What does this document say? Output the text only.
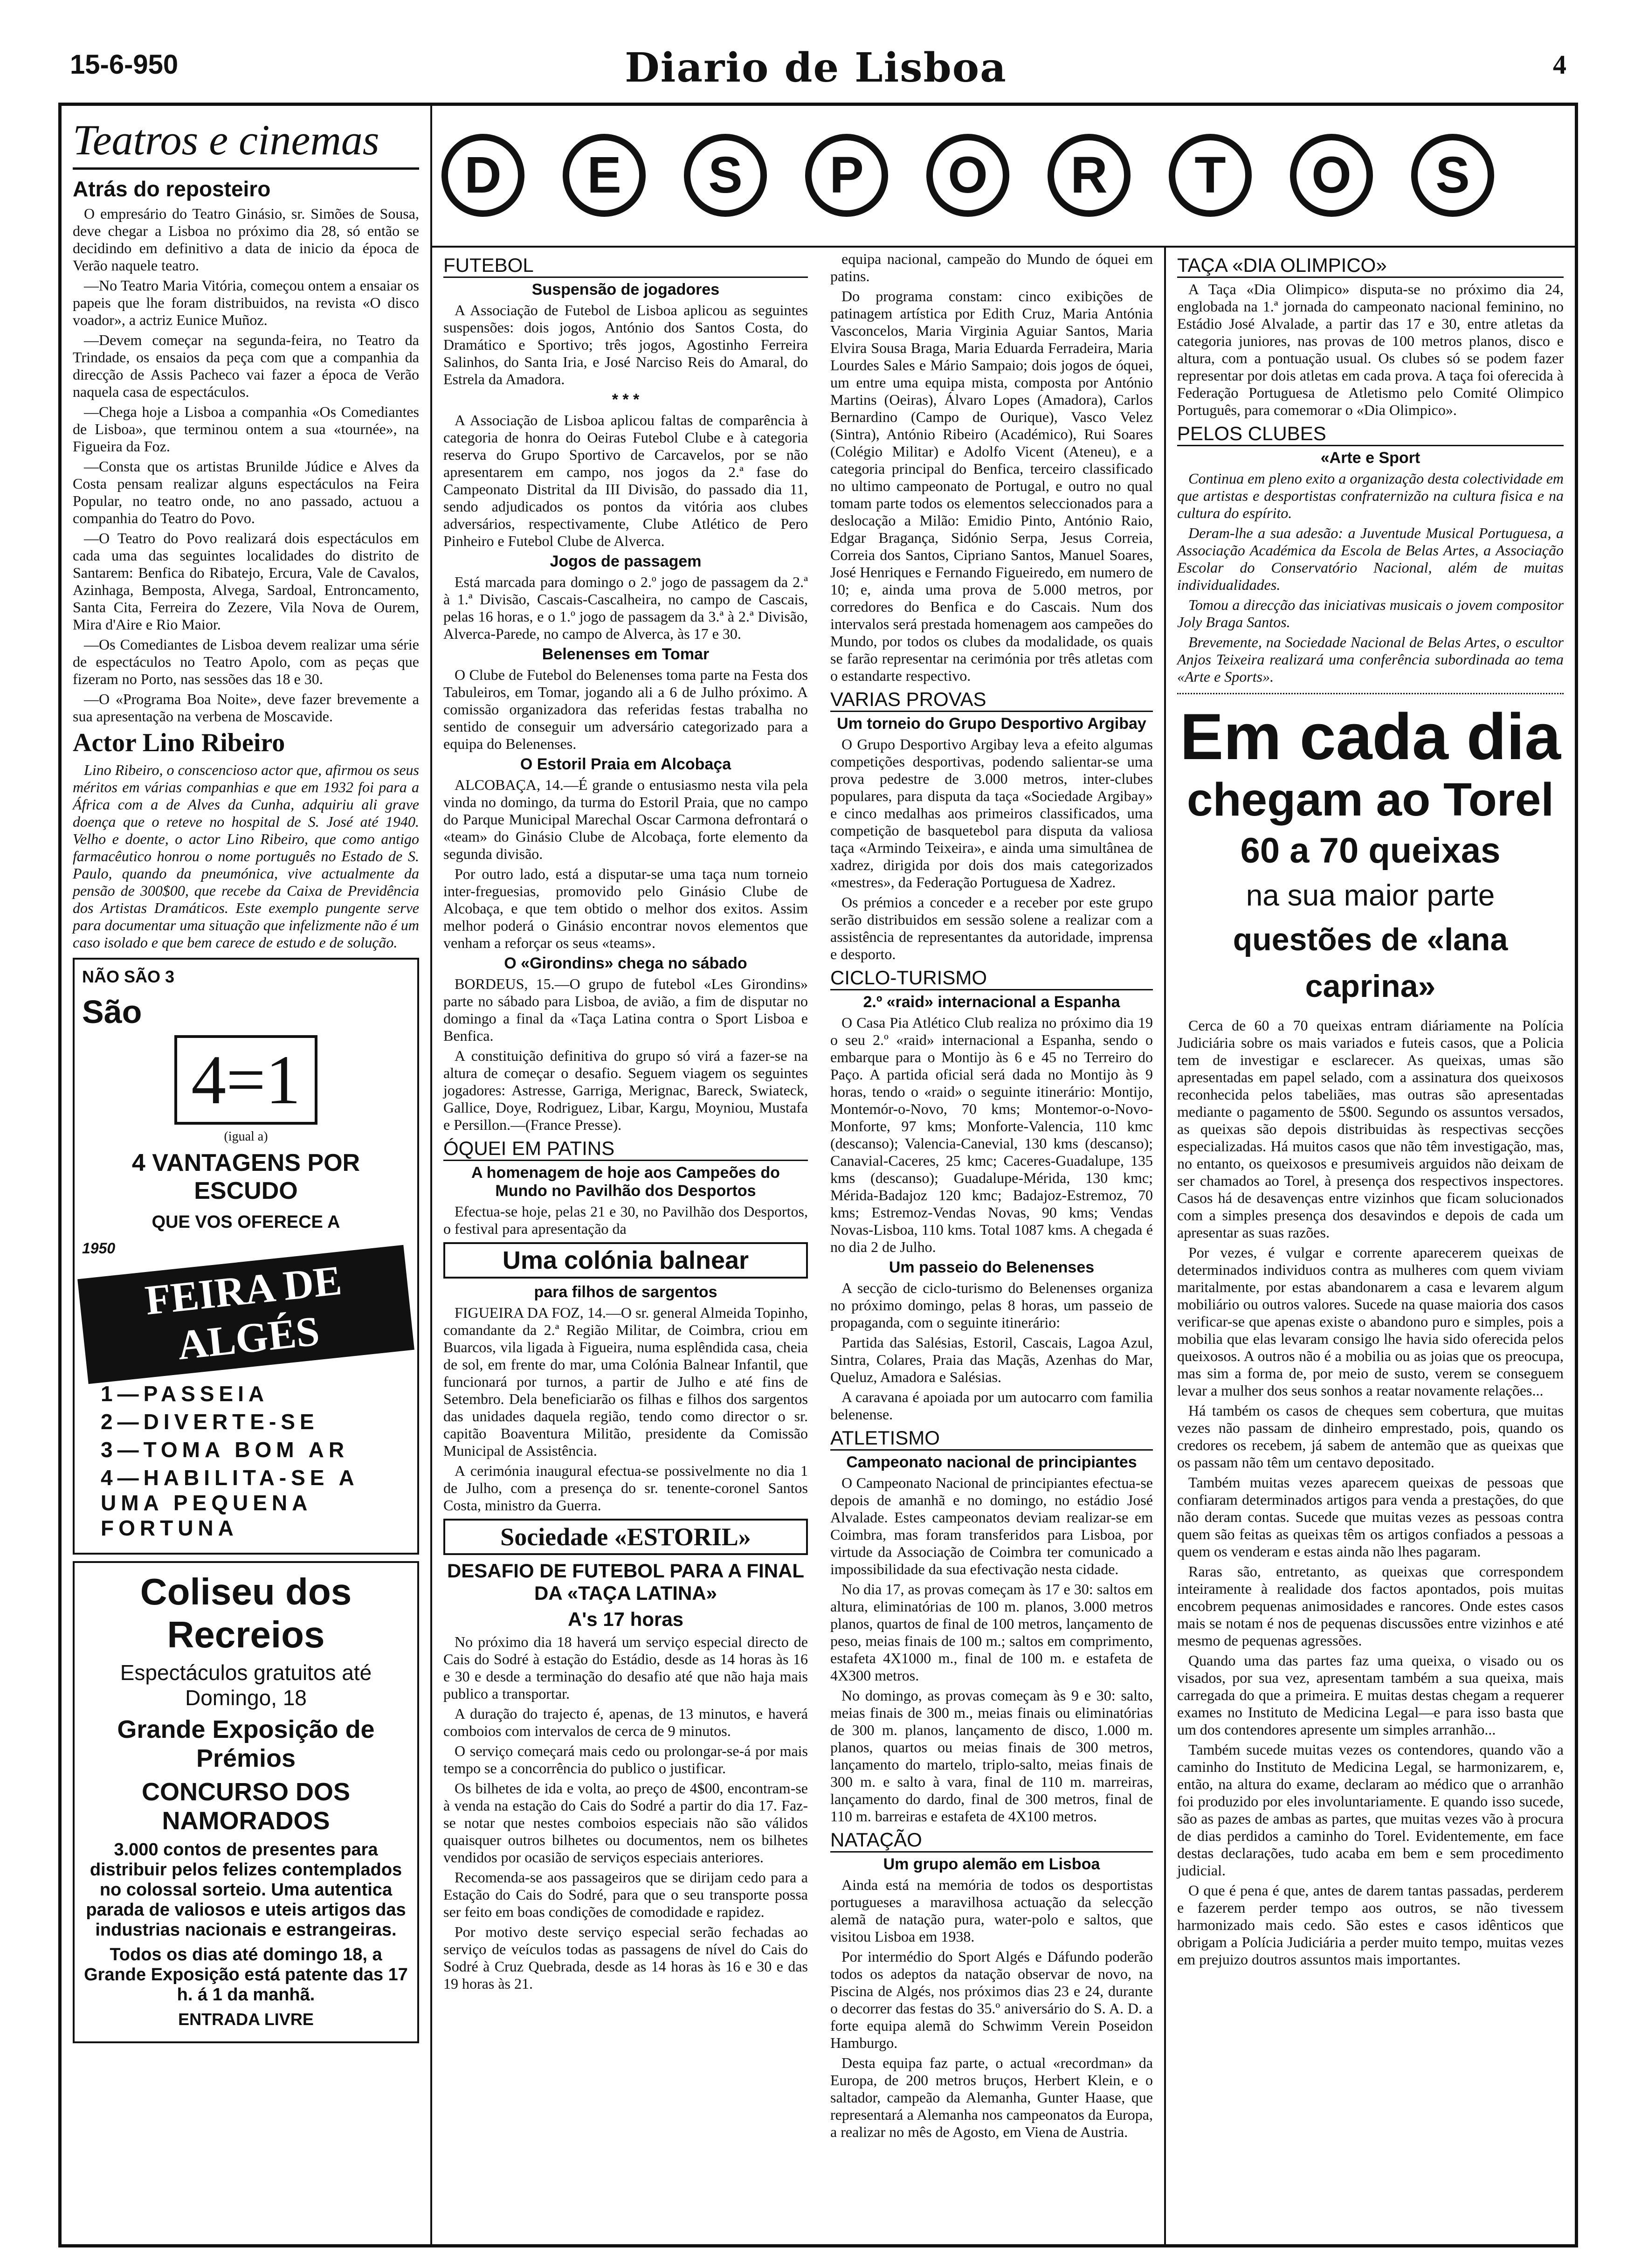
15-6-950	Diario de Lisboa	4
Teatros e cinemas
Atrás do reposteiro

O empresário do Teatro Ginásio, sr. Simões de Sousa, deve chegar a Lisboa no próximo dia 28, só então se decidindo em definitivo a data de inicio da época de Verão naquele teatro.

—No Teatro Maria Vitória, começou ontem a ensaiar os papeis que lhe foram distribuidos, na revista «O disco voador», a actriz Eunice Muñoz.

—Devem começar na segunda-feira, no Teatro da Trindade, os ensaios da peça com que a companhia da direcção de Assis Pacheco vai fazer a época de Verão naquela casa de espectáculos.

—Chega hoje a Lisboa a companhia «Os Comediantes de Lisboa», que terminou ontem a sua «tournée», na Figueira da Foz.

—Consta que os artistas Brunilde Júdice e Alves da Costa pensam realizar alguns espectáculos na Feira Popular, no teatro onde, no ano passado, actuou a companhia do Teatro do Povo.

—O Teatro do Povo realizará dois espectáculos em cada uma das seguintes localidades do distrito de Santarem: Benfica do Ribatejo, Ercura, Vale de Cavalos, Azinhaga, Bemposta, Alvega, Sardoal, Entroncamento, Santa Cita, Ferreira do Zezere, Vila Nova de Ourem, Mira d'Aire e Rio Maior.

—Os Comediantes de Lisboa devem realizar uma série de espectáculos no Teatro Apolo, com as peças que fizeram no Porto, nas sessões das 18 e 30.

—O «Programa Boa Noite», deve fazer brevemente a sua apresentação na verbena de Moscavide.

Actor Lino Ribeiro

Lino Ribeiro, o conscencioso actor que, afirmou os seus méritos em várias companhias e que em 1932 foi para a África com a de Alves da Cunha, adquiriu ali grave doença que o reteve no hospital de S. José até 1940. Velho e doente, o actor Lino Ribeiro, que como antigo farmacêutico honrou o nome português no Estado de S. Paulo, quando da pneumónica, vive actualmente da pensão de 300$00, que recebe da Caixa de Previdência dos Artistas Dramáticos. Este exemplo pungente serve para documentar uma situação que infelizmente não é um caso isolado e que bem carece de estudo e de solução.

NÃO SÃO 3
São
4=1
(igual a)
4 VANTAGENS POR ESCUDO
QUE VOS OFERECE A
1950
FEIRA DE ALGÉS
1—PASSEIA
2—DIVERTE-SE
3—TOMA BOM AR
4—HABILITA-SE A UMA PEQUENA FORTUNA
Coliseu dos Recreios
Espectáculos gratuitos até Domingo, 18
Grande Exposição de Prémios
CONCURSO DOS NAMORADOS
3.000 contos de presentes para distribuir pelos felizes contemplados no colossal sorteio. Uma autentica parada de valiosos e uteis artigos das industrias nacionais e estrangeiras.
Todos os dias até domingo 18, a Grande Exposição está patente das 17 h. á 1 da manhã.
ENTRADA LIVRE
D	E	S	P	O	R	T	O	S
FUTEBOL
Suspensão de jogadores

A Associação de Futebol de Lisboa aplicou as seguintes suspensões: dois jogos, António dos Santos Costa, do Dramático e Sportivo; três jogos, Agostinho Ferreira Salinhos, do Santa Iria, e José Narciso Reis do Amaral, do Estrela da Amadora.

* * *

A Associação de Lisboa aplicou faltas de comparência à categoria de honra do Oeiras Futebol Clube e à categoria reserva do Grupo Sportivo de Carcavelos, por se não apresentarem em campo, nos jogos da 2.ª fase do Campeonato Distrital da III Divisão, do passado dia 11, sendo adjudicados os pontos da vitória aos clubes adversários, respectivamente, Clube Atlético de Pero Pinheiro e Futebol Clube de Alverca.

Jogos de passagem

Está marcada para domingo o 2.º jogo de passagem da 2.ª à 1.ª Divisão, Cascais-Cascalheira, no campo de Cascais, pelas 16 horas, e o 1.º jogo de passagem da 3.ª à 2.ª Divisão, Alverca-Parede, no campo de Alverca, às 17 e 30.

Belenenses em Tomar

O Clube de Futebol do Belenenses toma parte na Festa dos Tabuleiros, em Tomar, jogando ali a 6 de Julho próximo. A comissão organizadora das referidas festas trabalha no sentido de conseguir um adversário categorizado para a equipa do Belenenses.

O Estoril Praia em Alcobaça

ALCOBAÇA, 14.—É grande o entusiasmo nesta vila pela vinda no domingo, da turma do Estoril Praia, que no campo do Parque Municipal Marechal Oscar Carmona defrontará o «team» do Ginásio Clube de Alcobaça, forte elemento da segunda divisão.

Por outro lado, está a disputar-se uma taça num torneio inter-freguesias, promovido pelo Ginásio Clube de Alcobaça, e que tem obtido o melhor dos exitos. Assim melhor poderá o Ginásio encontrar novos elementos que venham a reforçar os seus «teams».

O «Girondins» chega no sábado

BORDEUS, 15.—O grupo de futebol «Les Girondins» parte no sábado para Lisboa, de avião, a fim de disputar no domingo a final da «Taça Latina contra o Sport Lisboa e Benfica.

A constituição definitiva do grupo só virá a fazer-se na altura de começar o desafio. Seguem viagem os seguintes jogadores: Astresse, Garriga, Merignac, Bareck, Swiateck, Gallice, Doye, Rodriguez, Libar, Kargu, Moyniou, Mustafa e Persillon.—(France Presse).

ÓQUEI EM PATINS
A homenagem de hoje aos Campeões do Mundo no Pavilhão dos Desportos

Efectua-se hoje, pelas 21 e 30, no Pavilhão dos Desportos, o festival para apresentação da

Uma colónia balnear
para filhos de sargentos

FIGUEIRA DA FOZ, 14.—O sr. general Almeida Topinho, comandante da 2.ª Região Militar, de Coimbra, criou em Buarcos, vila ligada à Figueira, numa esplêndida casa, cheia de sol, em frente do mar, uma Colónia Balnear Infantil, que funcionará por turnos, a partir de Julho e até fins de Setembro. Dela beneficiarão os filhas e filhos dos sargentos das unidades daquela região, tendo como director o sr. capitão Boaventura Militão, presidente da Comissão Municipal de Assistência.

A cerimónia inaugural efectua-se possivelmente no dia 1 de Julho, com a presença do sr. tenente-coronel Santos Costa, ministro da Guerra.

Sociedade «ESTORIL»
DESAFIO DE FUTEBOL PARA A FINAL DA «TAÇA LATINA»
A's 17 horas

No próximo dia 18 haverá um serviço especial directo de Cais do Sodré à estação do Estádio, desde as 14 horas às 16 e 30 e desde a terminação do desafio até que não haja mais publico a transportar.

A duração do trajecto é, apenas, de 13 minutos, e haverá comboios com intervalos de cerca de 9 minutos.

O serviço começará mais cedo ou prolongar-se-á por mais tempo se a concorrência do publico o justificar.

Os bilhetes de ida e volta, ao preço de 4$00, encontram-se à venda na estação do Cais do Sodré a partir do dia 17. Faz-se notar que nestes comboios especiais não são válidos quaisquer outros bilhetes ou documentos, nem os bilhetes vendidos por ocasião de serviços especiais anteriores.

Recomenda-se aos passageiros que se dirijam cedo para a Estação do Cais do Sodré, para que o seu transporte possa ser feito em boas condições de comodidade e rapidez.

Por motivo deste serviço especial serão fechadas ao serviço de veículos todas as passagens de nível do Cais do Sodré à Cruz Quebrada, desde as 14 horas às 16 e 30 e das 19 horas às 21.

equipa nacional, campeão do Mundo de óquei em patins.

Do programa constam: cinco exibições de patinagem artística por Edith Cruz, Maria Antónia Vasconcelos, Maria Virginia Aguiar Santos, Maria Elvira Sousa Braga, Maria Eduarda Ferradeira, Maria Lourdes Sales e Mário Sampaio; dois jogos de óquei, um entre uma equipa mista, composta por António Martins (Oeiras), Álvaro Lopes (Amadora), Carlos Bernardino (Campo de Ourique), Vasco Velez (Sintra), António Ribeiro (Académico), Rui Soares (Colégio Militar) e Adolfo Vicent (Ateneu), e a categoria principal do Benfica, terceiro classificado no ultimo campeonato de Portugal, e outro no qual tomam parte todos os elementos seleccionados para a deslocação a Milão: Emidio Pinto, António Raio, Edgar Bragança, Sidónio Serpa, Jesus Correia, Correia dos Santos, Cipriano Santos, Manuel Soares, José Henriques e Fernando Figueiredo, em numero de 10; e, ainda uma prova de 5.000 metros, por corredores do Benfica e do Cascais. Num dos intervalos será prestada homenagem aos campeões do Mundo, por todos os clubes da modalidade, os quais se farão representar na cerimónia por três atletas com o estandarte respectivo.

VARIAS PROVAS
Um torneio do Grupo Desportivo Argibay

O Grupo Desportivo Argibay leva a efeito algumas competições desportivas, podendo salientar-se uma prova pedestre de 3.000 metros, inter-clubes populares, para disputa da taça «Sociedade Argibay» e cinco medalhas aos primeiros classificados, uma competição de basquetebol para disputa da valiosa taça «Armindo Teixeira», e ainda uma simultânea de xadrez, dirigida por dois dos mais categorizados «mestres», da Federação Portuguesa de Xadrez.

Os prémios a conceder e a receber por este grupo serão distribuidos em sessão solene a realizar com a assistência de representantes da autoridade, imprensa e desporto.

CICLO-TURISMO
2.º «raid» internacional a Espanha

O Casa Pia Atlético Club realiza no próximo dia 19 o seu 2.º «raid» internacional a Espanha, sendo o embarque para o Montijo às 6 e 45 no Terreiro do Paço. A partida oficial será dada no Montijo às 9 horas, tendo o «raid» o seguinte itinerário: Montijo, Montemór-o-Novo, 70 kms; Montemor-o-Novo-Monforte, 97 kms; Monforte-Valencia, 110 kmc (descanso); Valencia-Canevial, 130 kms (descanso); Canavial-Caceres, 25 kmc; Caceres-Guadalupe, 135 kms (descanso); Guadalupe-Mérida, 130 kmc; Mérida-Badajoz 120 kmc; Badajoz-Estremoz, 70 kms; Estremoz-Vendas Novas, 90 kms; Vendas Novas-Lisboa, 110 kms. Total 1087 kms. A chegada é no dia 2 de Julho.

Um passeio do Belenenses

A secção de ciclo-turismo do Belenenses organiza no próximo domingo, pelas 8 horas, um passeio de propaganda, com o seguinte itinerário:

Partida das Salésias, Estoril, Cascais, Lagoa Azul, Sintra, Colares, Praia das Maçãs, Azenhas do Mar, Queluz, Amadora e Salésias.

A caravana é apoiada por um autocarro com familia belenense.

ATLETISMO
Campeonato nacional de principiantes

O Campeonato Nacional de principiantes efectua-se depois de amanhã e no domingo, no estádio José Alvalade. Estes campeonatos deviam realizar-se em Coimbra, mas foram transferidos para Lisboa, por virtude da Associação de Coimbra ter comunicado a impossibilidade da sua efectivação nesta cidade.

No dia 17, as provas começam às 17 e 30: saltos em altura, eliminatórias de 100 m. planos, 3.000 metros planos, quartos de final de 100 metros, lançamento de peso, meias finais de 100 m.; saltos em comprimento, estafeta 4X1000 m., final de 100 m. e estafeta de 4X300 metros.

No domingo, as provas começam às 9 e 30: salto, meias finais de 300 m., meias finais ou eliminatórias de 300 m. planos, lançamento de disco, 1.000 m. planos, quartos ou meias finais de 300 metros, lançamento do martelo, triplo-salto, meias finais de 300 m. e salto à vara, final de 110 m. marreiras, lançamento do dardo, final de 300 metros, final de 110 m. barreiras e estafeta de 4X100 metros.

NATAÇÃO
Um grupo alemão em Lisboa

Ainda está na memória de todos os desportistas portugueses a maravilhosa actuação da selecção alemã de natação pura, water-polo e saltos, que visitou Lisboa em 1938.

Por intermédio do Sport Algés e Dáfundo poderão todos os adeptos da natação observar de novo, na Piscina de Algés, nos próximos dias 23 e 24, durante o decorrer das festas do 35.º aniversário do S. A. D. a forte equipa alemã do Schwimm Verein Poseidon Hamburgo.

Desta equipa faz parte, o actual «recordman» da Europa, de 200 metros bruços, Herbert Klein, e o saltador, campeão da Alemanha, Gunter Haase, que representará a Alemanha nos campeonatos da Europa, a realizar no mês de Agosto, em Viena de Austria.

TAÇA «DIA OLIMPICO»

A Taça «Dia Olimpico» disputa-se no próximo dia 24, englobada na 1.ª jornada do campeonato nacional feminino, no Estádio José Alvalade, a partir das 17 e 30, entre atletas da categoria juniores, nas provas de 100 metros planos, disco e altura, com a pontuação usual. Os clubes só se podem fazer representar por dois atletas em cada prova. A taça foi oferecida à Federação Portuguesa de Atletismo pelo Comité Olimpico Português, para comemorar o «Dia Olimpico».

PELOS CLUBES
«Arte e Sport

Continua em pleno exito a organização desta colectividade em que artistas e desportistas confraternizão na cultura fisica e na cultura do espírito.

Deram-lhe a sua adesão: a Juventude Musical Portuguesa, a Associação Académica da Escola de Belas Artes, a Associação Escolar do Conservatório Nacional, além de muitas individualidades.

Tomou a direcção das iniciativas musicais o jovem compositor Joly Braga Santos.

Brevemente, na Sociedade Nacional de Belas Artes, o escultor Anjos Teixeira realizará uma conferência subordinada ao tema «Arte e Sports».

Em cada dia
chegam ao Torel
60 a 70 queixas
na sua maior parte
questões de «lana caprina»

Cerca de 60 a 70 queixas entram diáriamente na Polícia Judiciária sobre os mais variados e futeis casos, que a Policia tem de investigar e esclarecer. As queixas, umas são apresentadas em papel selado, com a assinatura dos queixosos reconhecida pelos tabeliães, mas outras são apresentadas mediante o pagamento de 5$00. Segundo os assuntos versados, as queixas são depois distribuidas às respectivas secções especializadas. Há muitos casos que não têm investigação, mas, no entanto, os queixosos e presumiveis arguidos não deixam de ser chamados ao Torel, à presença dos respectivos inspectores. Casos há de desavenças entre vizinhos que ficam solucionados com a simples presença dos desavindos e depois de cada um apresentar as suas razões.

Por vezes, é vulgar e corrente aparecerem queixas de determinados individuos contra as mulheres com quem viviam maritalmente, por estas abandonarem a casa e levarem algum mobiliário ou outros valores. Sucede na quase maioria dos casos verificar-se que apenas existe o abandono puro e simples, pois a mobilia que elas levaram consigo lhe havia sido oferecida pelos queixosos. A outros não é a mobilia ou as joias que os preocupa, mas sim a forma de, por meio de susto, verem se conseguem levar a mulher dos seus sonhos a reatar novamente relações...

Há também os casos de cheques sem cobertura, que muitas vezes não passam de dinheiro emprestado, pois, quando os credores os recebem, já sabem de antemão que as queixas que os passam não têm um centavo depositado.

Também muitas vezes aparecem queixas de pessoas que confiaram determinados artigos para venda a prestações, do que não deram contas. Sucede que muitas vezes as pessoas contra quem são feitas as queixas têm os artigos confiados a pessoas a quem os venderam e estas ainda não lhes pagaram.

Raras são, entretanto, as queixas que correspondem inteiramente à realidade dos factos apontados, pois muitas encobrem pequenas animosidades e rancores. Onde estes casos mais se notam é nos de pequenas discussões entre vizinhos e até mesmo de pequenas agressões.

Quando uma das partes faz uma queixa, o visado ou os visados, por sua vez, apresentam também a sua queixa, mais carregada do que a primeira. E muitas destas chegam a requerer exames no Instituto de Medicina Legal—e para isso basta que um dos contendores apresente um simples arranhão...

Também sucede muitas vezes os contendores, quando vão a caminho do Instituto de Medicina Legal, se harmonizarem, e, então, na altura do exame, declaram ao médico que o arranhão foi produzido por eles involuntariamente. E quando isso sucede, são as pazes de ambas as partes, que muitas vezes vão à procura de dias perdidos a caminho do Torel. Evidentemente, em face destas declarações, tudo acaba em bem e sem procedimento judicial.

O que é pena é que, antes de darem tantas passadas, perderem e fazerem perder tempo aos outros, se não tivessem harmonizado mais cedo. São estes e casos idênticos que obrigam a Polícia Judiciária a perder muito tempo, muitas vezes em prejuizo doutros assuntos mais importantes.
